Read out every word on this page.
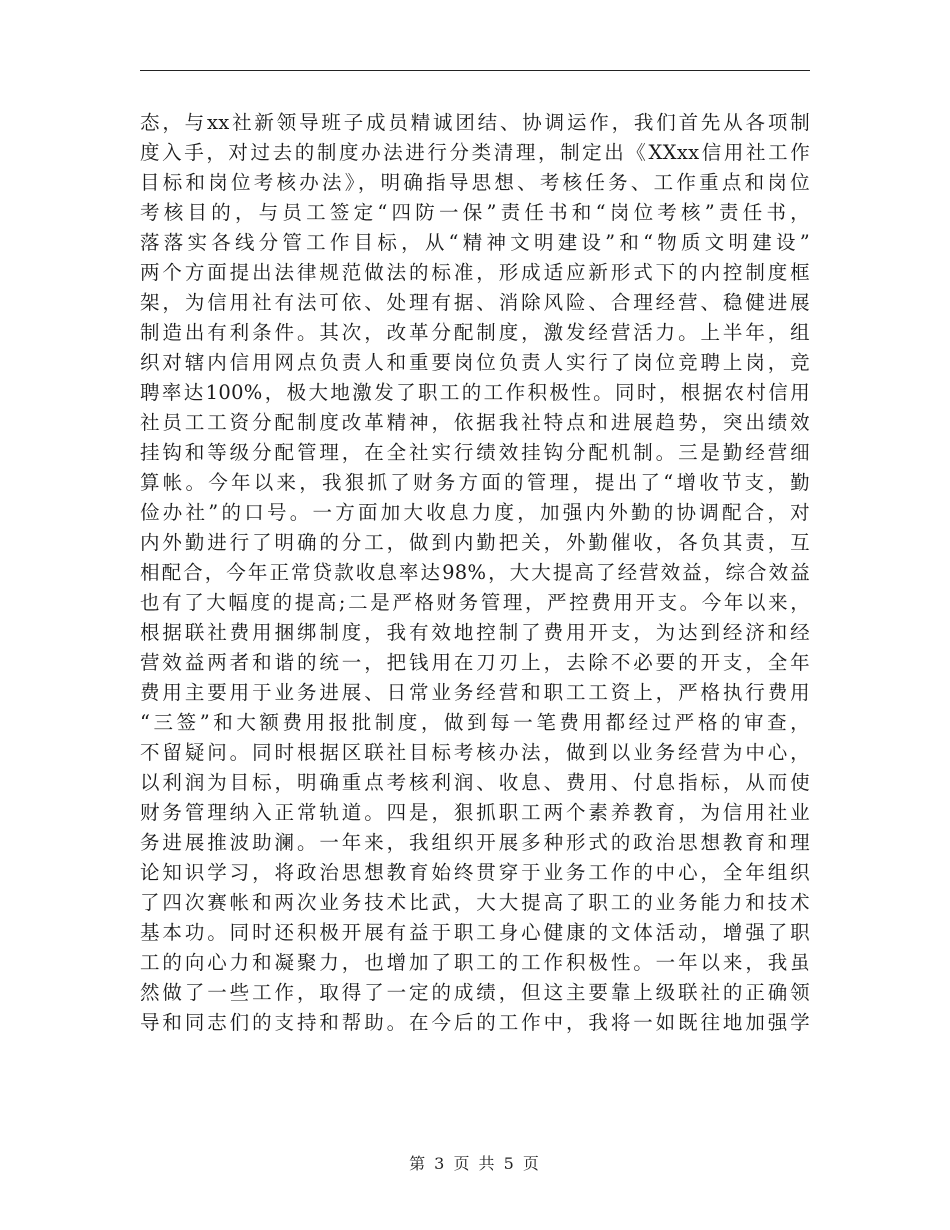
态，与xx社新领导班子成员精诚团结、协调运作，我们首先从各项制
度入手，对过去的制度办法进行分类清理，制定出《XXxx信用社工作
目标和岗位考核办法》，明确指导思想、考核任务、工作重点和岗位
考核目的，与员工签定“四防一保”责任书和“岗位考核”责任书，
落落实各线分管工作目标，从“精神文明建设”和“物质文明建设”
两个方面提出法律规范做法的标准，形成适应新形式下的内控制度框
架，为信用社有法可依、处理有据、消除风险、合理经营、稳健进展
制造出有利条件。其次，改革分配制度，激发经营活力。上半年，组
织对辖内信用网点负责人和重要岗位负责人实行了岗位竞聘上岗，竞
聘率达100%，极大地激发了职工的工作积极性。同时，根据农村信用
社员工工资分配制度改革精神，依据我社特点和进展趋势，突出绩效
挂钩和等级分配管理，在全社实行绩效挂钩分配机制。三是勤经营细
算帐。今年以来，我狠抓了财务方面的管理，提出了“增收节支，勤
俭办社”的口号。一方面加大收息力度，加强内外勤的协调配合，对
内外勤进行了明确的分工，做到内勤把关，外勤催收，各负其责，互
相配合，今年正常贷款收息率达98%，大大提高了经营效益，综合效益
也有了大幅度的提高;二是严格财务管理，严控费用开支。今年以来，
根据联社费用捆绑制度，我有效地控制了费用开支，为达到经济和经
营效益两者和谐的统一，把钱用在刀刃上，去除不必要的开支，全年
费用主要用于业务进展、日常业务经营和职工工资上，严格执行费用
“三签”和大额费用报批制度，做到每一笔费用都经过严格的审查，
不留疑问。同时根据区联社目标考核办法，做到以业务经营为中心，
以利润为目标，明确重点考核利润、收息、费用、付息指标，从而使
财务管理纳入正常轨道。四是，狠抓职工两个素养教育，为信用社业
务进展推波助澜。一年来，我组织开展多种形式的政治思想教育和理
论知识学习，将政治思想教育始终贯穿于业务工作的中心，全年组织
了四次赛帐和两次业务技术比武，大大提高了职工的业务能力和技术
基本功。同时还积极开展有益于职工身心健康的文体活动，增强了职
工的向心力和凝聚力，也增加了职工的工作积极性。一年以来，我虽
然做了一些工作，取得了一定的成绩，但这主要靠上级联社的正确领
导和同志们的支持和帮助。在今后的工作中，我将一如既往地加强学
第 3 页 共 5 页
